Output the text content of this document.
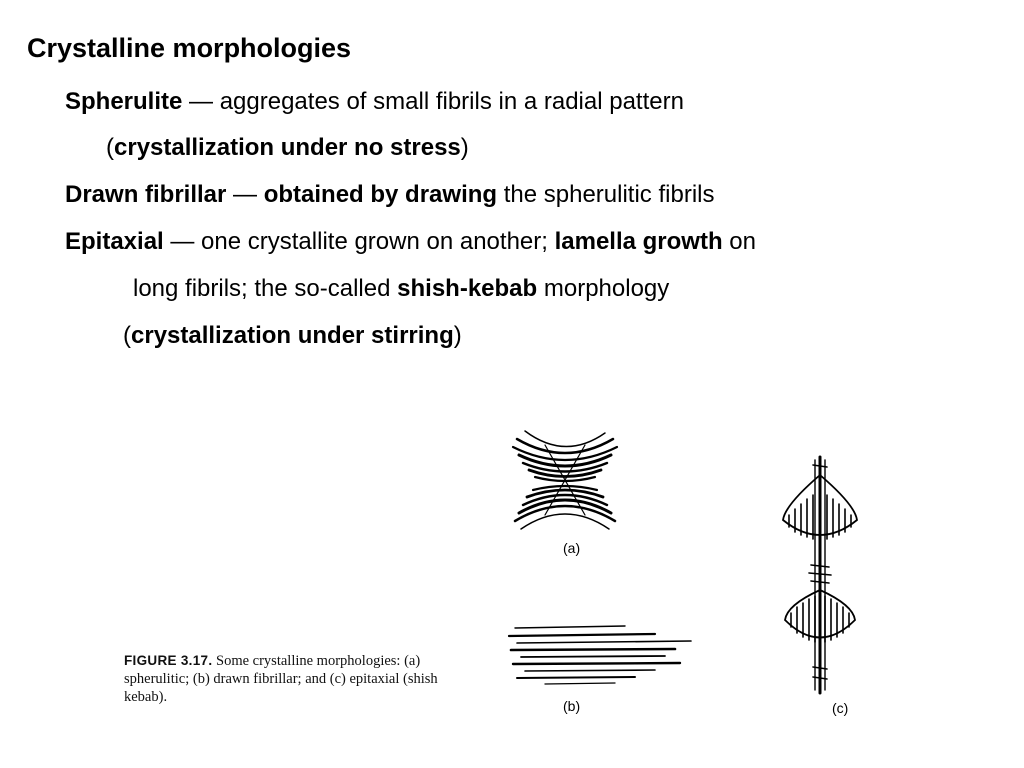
Crystalline morphologies
Spherulite — aggregates of small fibrils in a radial pattern
(crystallization under no stress)
Drawn fibrillar — obtained by drawing the spherulitic fibrils
Epitaxial — one crystallite grown on another; lamella growth on
long fibrils; the so-called shish-kebab morphology
(crystallization under stirring)
(a)
(b)	(c)
FIGURE 3.17. Some crystalline morphologies: (a) spherulitic; (b) drawn fibrillar; and (c) epitaxial (shish kebab).
